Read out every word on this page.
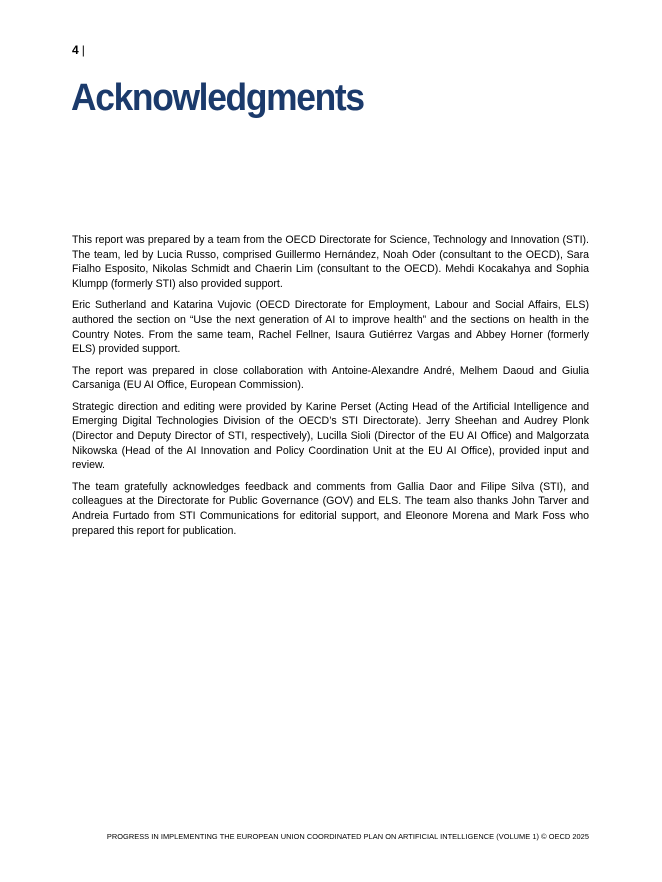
4 |
Acknowledgments

This report was prepared by a team from the OECD Directorate for Science, Technology and Innovation (STI). The team, led by Lucia Russo, comprised Guillermo Hernández, Noah Oder (consultant to the OECD), Sara Fialho Esposito, Nikolas Schmidt and Chaerin Lim (consultant to the OECD). Mehdi Kocakahya and Sophia Klumpp (formerly STI) also provided support.

Eric Sutherland and Katarina Vujovic (OECD Directorate for Employment, Labour and Social Affairs, ELS) authored the section on “Use the next generation of AI to improve health” and the sections on health in the Country Notes. From the same team, Rachel Fellner, Isaura Gutiérrez Vargas and Abbey Horner (formerly ELS) provided support.

The report was prepared in close collaboration with Antoine-Alexandre André, Melhem Daoud and Giulia Carsaniga (EU AI Office, European Commission).

Strategic direction and editing were provided by Karine Perset (Acting Head of the Artificial Intelligence and Emerging Digital Technologies Division of the OECD’s STI Directorate). Jerry Sheehan and Audrey Plonk (Director and Deputy Director of STI, respectively), Lucilla Sioli (Director of the EU AI Office) and Malgorzata Nikowska (Head of the AI Innovation and Policy Coordination Unit at the EU AI Office), provided input and review.

The team gratefully acknowledges feedback and comments from Gallia Daor and Filipe Silva (STI), and colleagues at the Directorate for Public Governance (GOV) and ELS. The team also thanks John Tarver and Andreia Furtado from STI Communications for editorial support, and Eleonore Morena and Mark Foss who prepared this report for publication.

PROGRESS IN IMPLEMENTING THE EUROPEAN UNION COORDINATED PLAN ON ARTIFICIAL INTELLIGENCE (VOLUME 1) © OECD 2025
